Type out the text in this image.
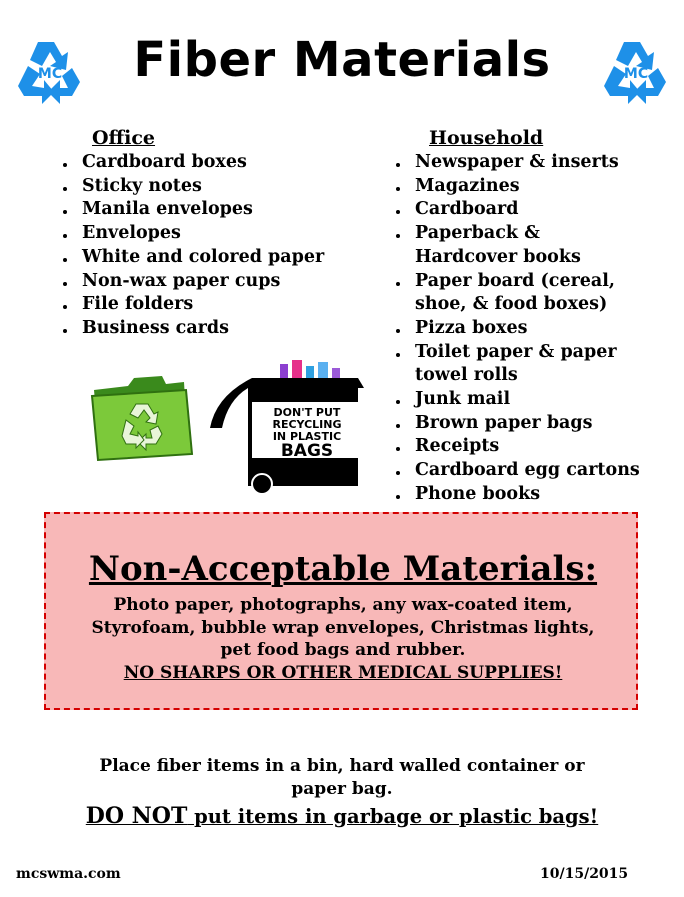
MC Fiber Materials	MC
Office
Cardboard boxes
Sticky notes
Manila envelopes
Envelopes
White and colored paper
Non-wax paper cups
File folders
Business cards
Household
Newspaper & inserts
Magazines
Cardboard
Paperback &
Hardcover books
Paper board (cereal,
shoe, & food boxes)
Pizza boxes
Toilet paper & paper
towel rolls
Junk mail
Brown paper bags
Receipts
Cardboard egg cartons
Phone books
DON'T PUT
RECYCLING
IN PLASTIC
BAGS
Non-Acceptable Materials:
Photo paper, photographs, any wax-coated item,
Styrofoam, bubble wrap envelopes, Christmas lights,
pet food bags and rubber.
NO SHARPS OR OTHER MEDICAL SUPPLIES!
Place fiber items in a bin, hard walled container or
paper bag.
DO NOT put items in garbage or plastic bags!
mcswma.com	10/15/2015
